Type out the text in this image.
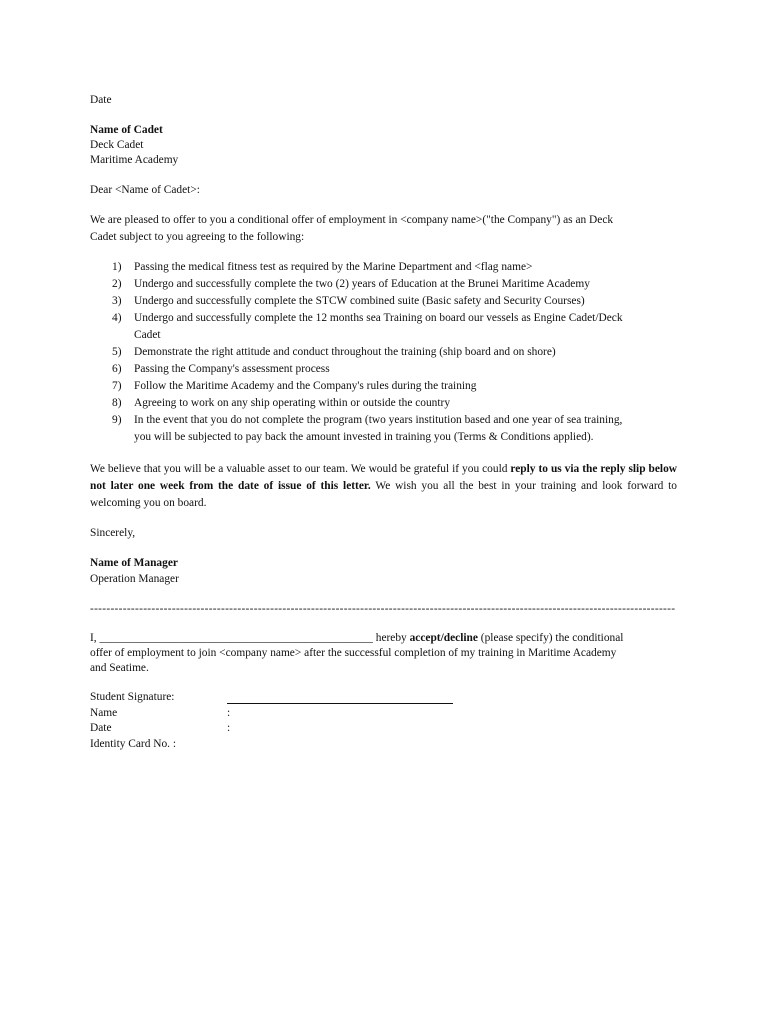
Date
Name of Cadet
Deck Cadet
Maritime Academy
Dear <Name of Cadet>:
We are pleased to offer to you a conditional offer of employment in <company name>("the Company") as an Deck
Cadet subject to you agreeing to the following:
1) Passing the medical fitness test as required by the Marine Department and <flag name>
2) Undergo and successfully complete the two (2) years of Education at the Brunei Maritime Academy
3) Undergo and successfully complete the STCW combined suite (Basic safety and Security Courses)
4) Undergo and successfully complete the 12 months sea Training on board our vessels as Engine Cadet/Deck
Cadet
5) Demonstrate the right attitude and conduct throughout the training (ship board and on shore)
6) Passing the Company's assessment process
7) Follow the Maritime Academy and the Company's rules during the training
8) Agreeing to work on any ship operating within or outside the country
9) In the event that you do not complete the program (two years institution based and one year of sea training,
you will be subjected to pay back the amount invested in training you (Terms & Conditions applied).
We believe that you will be a valuable asset to our team. We would be grateful if you could reply to us via the reply slip below not later one week from the date of issue of this letter. We wish you all the best in your training and look forward to welcoming you on board.
Sincerely,
Name of Manager
Operation Manager
-----------------------------------------------------------------------------------------------------------------------------------------------
I, ________________________________________________ hereby accept/decline (please specify) the conditional
offer of employment to join <company name> after the successful completion of my training in Maritime Academy
and Seatime.
Student Signature:
Name	:
Date	:
Identity Card No. :
